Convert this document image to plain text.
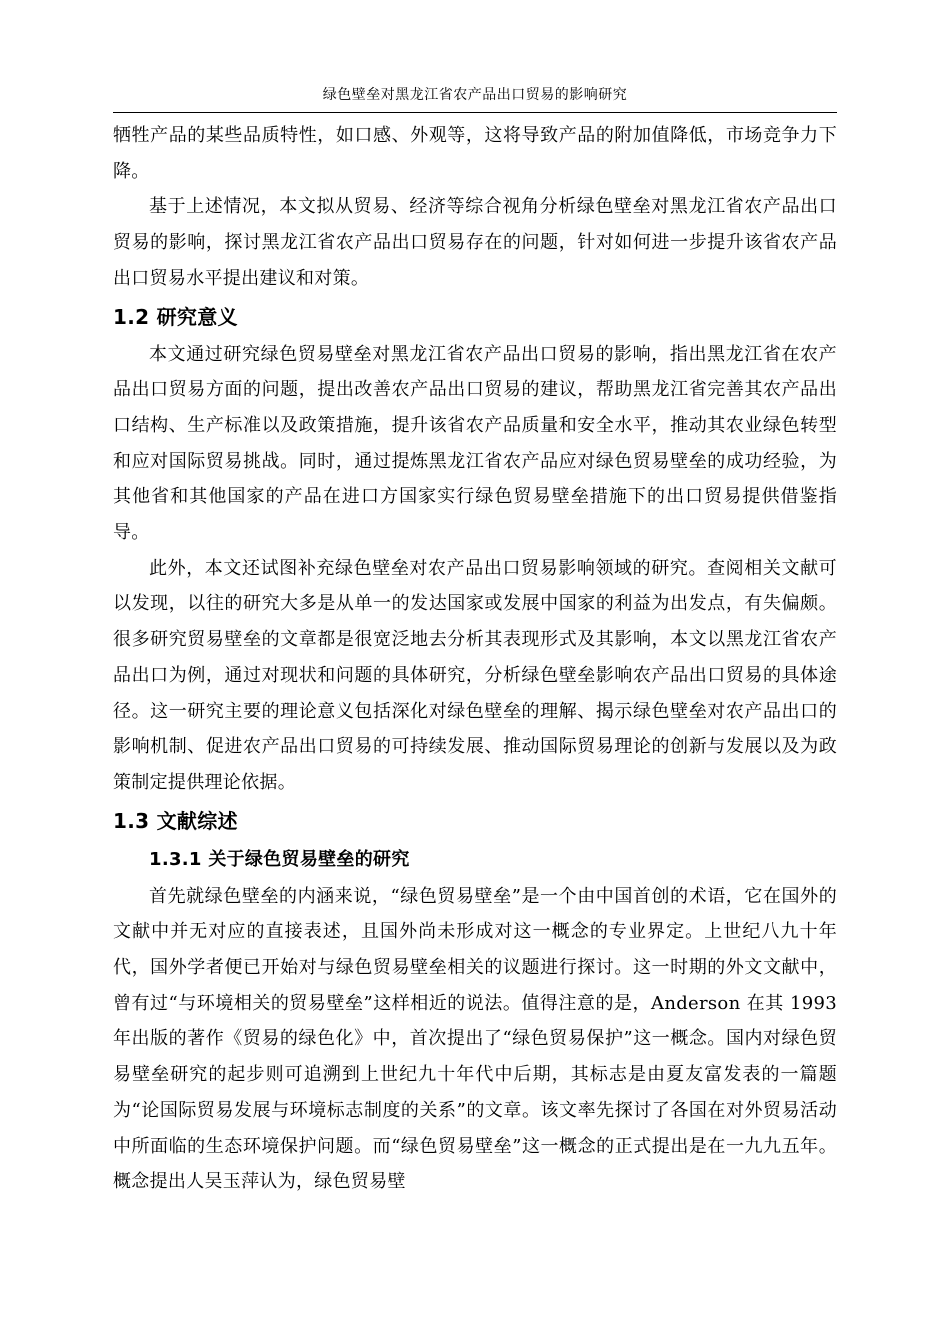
绿色壁垒对黑龙江省农产品出口贸易的影响研究

牺牲产品的某些品质特性，如口感、外观等，这将导致产品的附加值降低，市场竞争力下降。

基于上述情况，本文拟从贸易、经济等综合视角分析绿色壁垒对黑龙江省农产品出口贸易的影响，探讨黑龙江省农产品出口贸易存在的问题，针对如何进一步提升该省农产品出口贸易水平提出建议和对策。

1.2 研究意义

本文通过研究绿色贸易壁垒对黑龙江省农产品出口贸易的影响，指出黑龙江省在农产品出口贸易方面的问题，提出改善农产品出口贸易的建议，帮助黑龙江省完善其农产品出口结构、生产标准以及政策措施，提升该省农产品质量和安全水平，推动其农业绿色转型和应对国际贸易挑战。同时，通过提炼黑龙江省农产品应对绿色贸易壁垒的成功经验，为其他省和其他国家的产品在进口方国家实行绿色贸易壁垒措施下的出口贸易提供借鉴指导。

此外，本文还试图补充绿色壁垒对农产品出口贸易影响领域的研究。查阅相关文献可以发现，以往的研究大多是从单一的发达国家或发展中国家的利益为出发点，有失偏颇。很多研究贸易壁垒的文章都是很宽泛地去分析其表现形式及其影响，本文以黑龙江省农产品出口为例，通过对现状和问题的具体研究，分析绿色壁垒影响农产品出口贸易的具体途径。这一研究主要的理论意义包括深化对绿色壁垒的理解、揭示绿色壁垒对农产品出口的影响机制、促进农产品出口贸易的可持续发展、推动国际贸易理论的创新与发展以及为政策制定提供理论依据。

1.3 文献综述
1.3.1 关于绿色贸易壁垒的研究

首先就绿色壁垒的内涵来说，“绿色贸易壁垒”是一个由中国首创的术语，它在国外的文献中并无对应的直接表述，且国外尚未形成对这一概念的专业界定。上世纪八九十年代，国外学者便已开始对与绿色贸易壁垒相关的议题进行探讨。这一时期的外文文献中，曾有过“与环境相关的贸易壁垒”这样相近的说法。值得注意的是，Anderson 在其 1993 年出版的著作《贸易的绿色化》中，首次提出了“绿色贸易保护”这一概念。国内对绿色贸易壁垒研究的起步则可追溯到上世纪九十年代中后期，其标志是由夏友富发表的一篇题为“论国际贸易发展与环境标志制度的关系”的文章。该文率先探讨了各国在对外贸易活动中所面临的生态环境保护问题。而“绿色贸易壁垒”这一概念的正式提出是在一九九五年。概念提出人吴玉萍认为，绿色贸易壁
